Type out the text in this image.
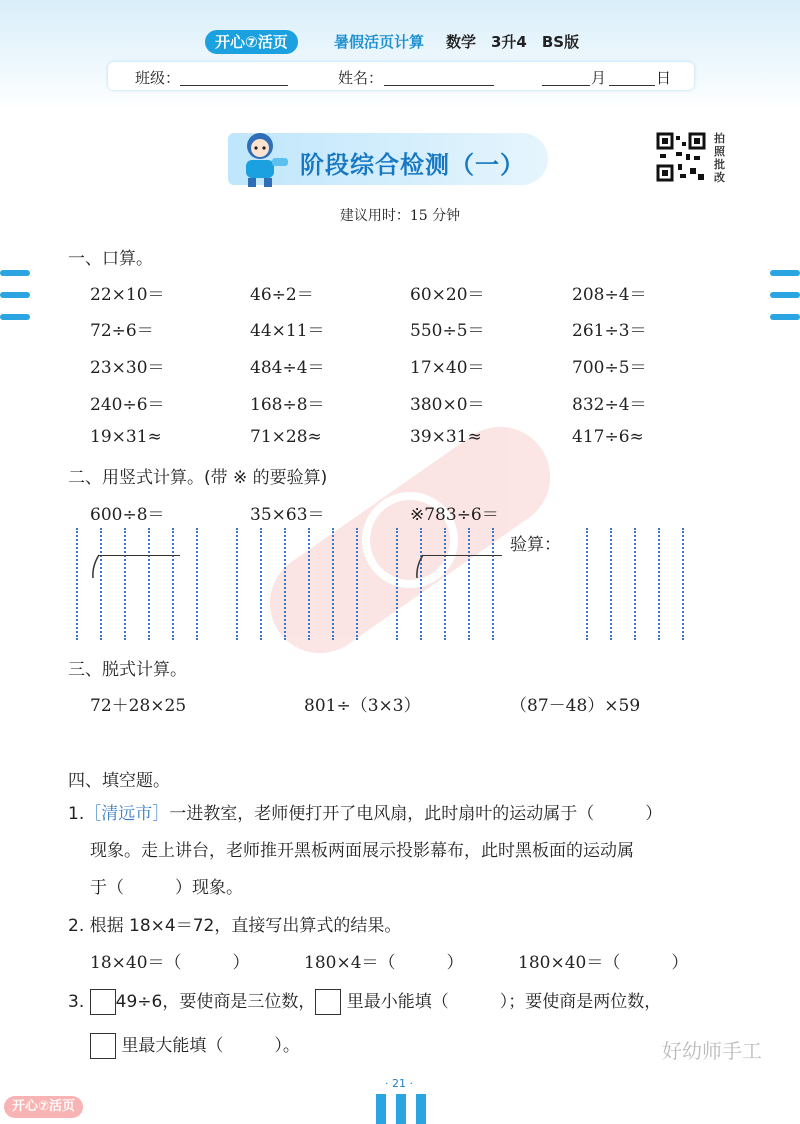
开心⑦活页	暑假活页计算 数学　3升4　BS版
班级：	姓名：	月	日
阶段综合检测（一）
拍照批改
建议用时：15 分钟
一、口算。
22×10＝	46÷2＝	60×20＝	208÷4＝
72÷6＝	44×11＝	550÷5＝	261÷3＝
23×30＝	484÷4＝	17×40＝	700÷5＝
240÷6＝	168÷8＝	380×0＝	832÷4＝
19×31≈	71×28≈	39×31≈	417÷6≈
二、用竖式计算。(带 ※ 的要验算)
600÷8＝	35×63＝	※783÷6＝
验算：
三、脱式计算。
72＋28×25	801÷（3×3）	（87－48）×59
四、填空题。
1.［清远市］一进教室，老师便打开了电风扇，此时扇叶的运动属于（　　　）
现象。走上讲台，老师推开黑板两面展示投影幕布，此时黑板面的运动属
于（　　　）现象。
2. 根据 18×4＝72，直接写出算式的结果。
18×40＝（　　　）	180×4＝（　　　）	180×40＝（　　　）
3. 49÷6，要使商是三位数， 里最小能填（　　　）；要使商是两位数，
里最大能填（　　　）。	好幼师手工
· 21 ·
开心⑦活页
